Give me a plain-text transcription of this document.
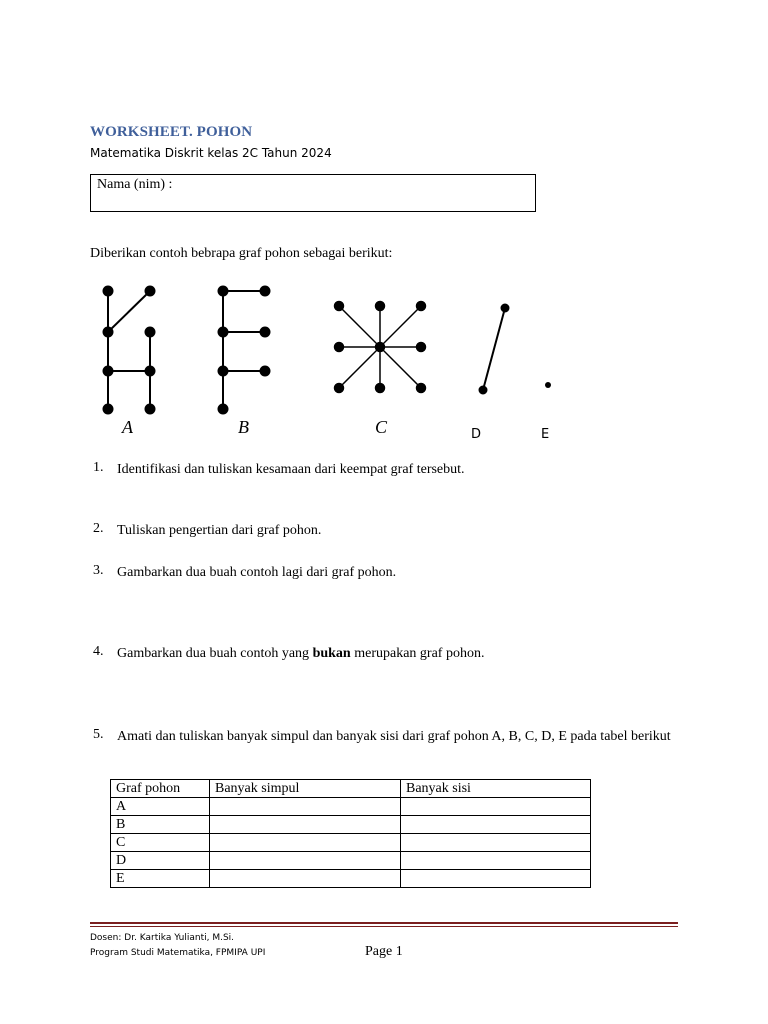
WORKSHEET. POHON
Matematika Diskrit kelas 2C Tahun 2024
Nama (nim) :
Diberikan contoh bebrapa graf pohon sebagai berikut:
A	B	C	D	E
1. Identifikasi dan tuliskan kesamaan dari keempat graf tersebut.
2. Tuliskan pengertian dari graf pohon.
3. Gambarkan dua buah contoh lagi dari graf pohon.
4. Gambarkan dua buah contoh yang bukan merupakan graf pohon.
5. Amati dan tuliskan banyak simpul dan banyak sisi dari graf pohon A, B, C, D, E pada tabel berikut
Graf pohon	Banyak simpul	Banyak sisi
A		
B		
C		
D		
E		
Dosen: Dr. Kartika Yulianti, M.Si.
Program Studi Matematika, FPMIPA UPI	Page 1
